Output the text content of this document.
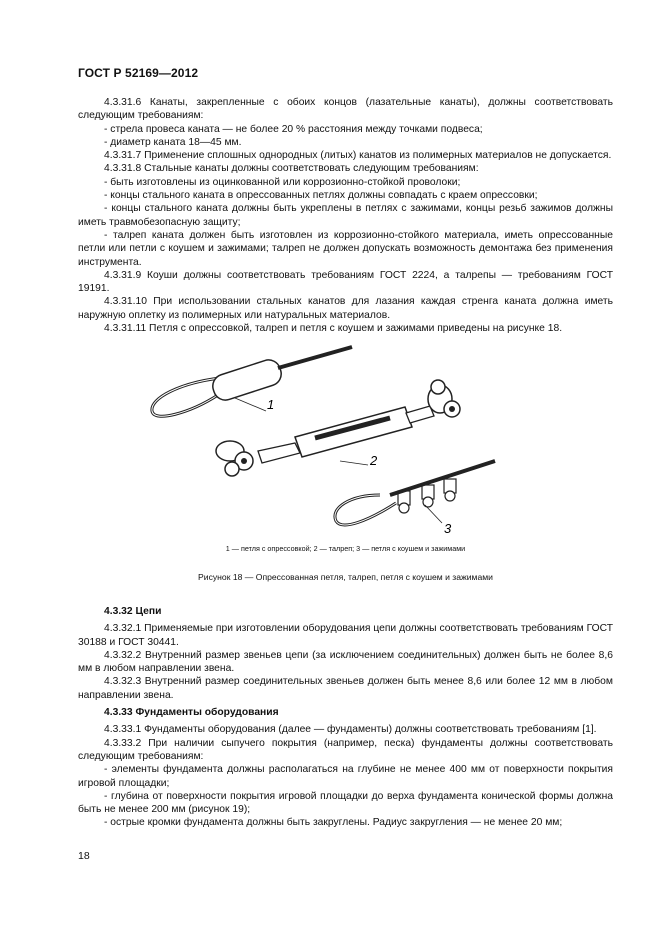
ГОСТ Р 52169—2012

4.3.31.6 Канаты, закрепленные с обоих концов (лазательные канаты), должны соответствовать следующим требованиям:

- стрела провеса каната — не более 20 % расстояния между точками подвеса;

- диаметр каната 18—45 мм.

4.3.31.7 Применение сплошных однородных (литых) канатов из полимерных материалов не допускается.

4.3.31.8 Стальные канаты должны соответствовать следующим требованиям:

- быть изготовлены из оцинкованной или коррозионно-стойкой проволоки;

- концы стального каната в опрессованных петлях должны совпадать с краем опрессовки;

- концы стального каната должны быть укреплены в петлях с зажимами, концы резьб зажимов должны иметь травмобезопасную защиту;

- талреп каната должен быть изготовлен из коррозионно-стойкого материала, иметь опрессованные петли или петли с коушем и зажимами; талреп не должен допускать возможность демонтажа без применения инструмента.

4.3.31.9 Коуши должны соответствовать требованиям ГОСТ 2224, а талрепы — требованиям ГОСТ 19191.

4.3.31.10 При использовании стальных канатов для лазания каждая стренга каната должна иметь наружную оплетку из полимерных или натуральных материалов.

4.3.31.11 Петля с опрессовкой, талреп и петля с коушем и зажимами приведены на рисунке 18.

1
2
3
1 — петля с опрессовкой; 2 — талреп; 3 — петля с коушем и зажимами
Рисунок 18 — Опрессованная петля, талреп, петля с коушем и зажимами

4.3.32 Цепи

4.3.32.1 Применяемые при изготовлении оборудования цепи должны соответствовать требованиям ГОСТ 30188 и ГОСТ 30441.

4.3.32.2 Внутренний размер звеньев цепи (за исключением соединительных) должен быть не более 8,6 мм в любом направлении звена.

4.3.32.3 Внутренний размер соединительных звеньев должен быть менее 8,6 или более 12 мм в любом направлении звена.

4.3.33 Фундаменты оборудования

4.3.33.1 Фундаменты оборудования (далее — фундаменты) должны соответствовать требованиям [1].

4.3.33.2 При наличии сыпучего покрытия (например, песка) фундаменты должны соответствовать следующим требованиям:

- элементы фундамента должны располагаться на глубине не менее 400 мм от поверхности покрытия игровой площадки;

- глубина от поверхности покрытия игровой площадки до верха фундамента конической формы должна быть не менее 200 мм (рисунок 19);

- острые кромки фундамента должны быть закруглены. Радиус закругления — не менее 20 мм;

18
